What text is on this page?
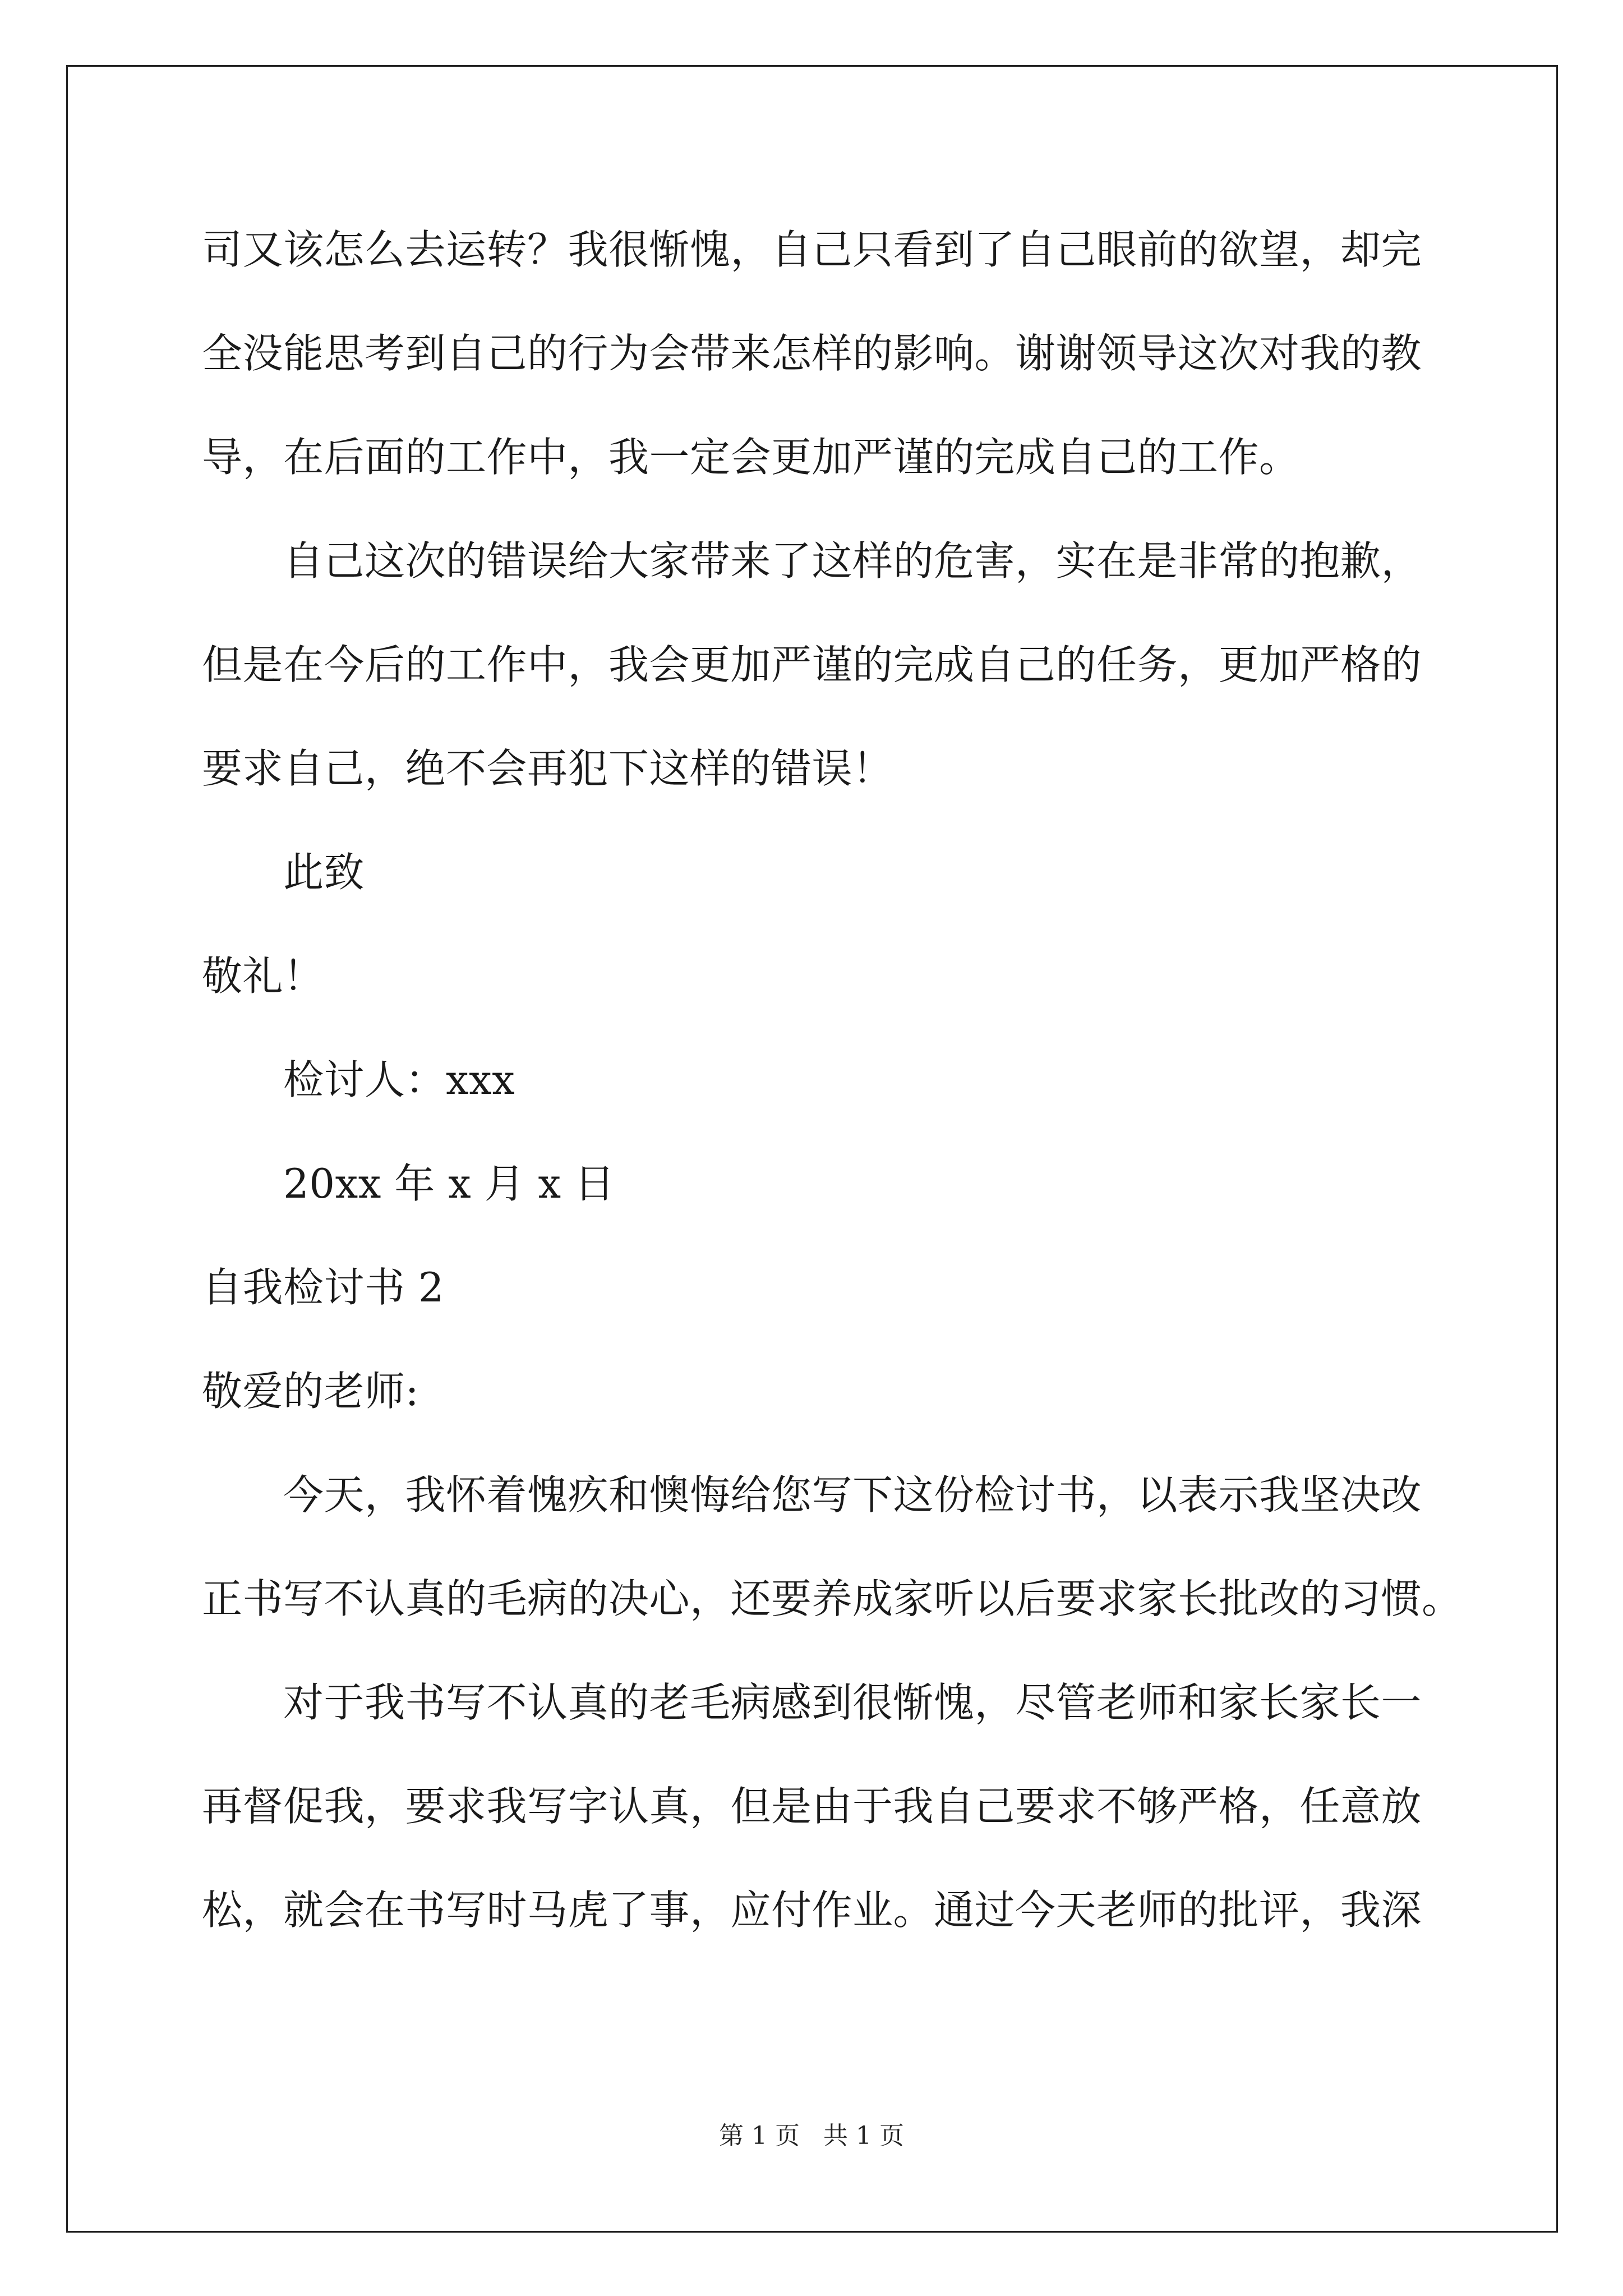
司又该怎么去运转？我很惭愧，自己只看到了自己眼前的欲望，却完
全没能思考到自己的行为会带来怎样的影响。谢谢领导这次对我的教
导，在后面的工作中，我一定会更加严谨的完成自己的工作。
自己这次的错误给大家带来了这样的危害，实在是非常的抱歉，
但是在今后的工作中，我会更加严谨的完成自己的任务，更加严格的
要求自己，绝不会再犯下这样的错误！
此致
敬礼！
检讨人：xxx
20xx 年 x 月 x 日
自我检讨书 2
敬爱的老师:
今天，我怀着愧疚和懊悔给您写下这份检讨书，以表示我坚决改
正书写不认真的毛病的决心，还要养成家听以后要求家长批改的习惯。
对于我书写不认真的老毛病感到很惭愧，尽管老师和家长家长一
再督促我，要求我写字认真，但是由于我自己要求不够严格，任意放
松，就会在书写时马虎了事，应付作业。通过今天老师的批评，我深
第 1 页   共 1 页
